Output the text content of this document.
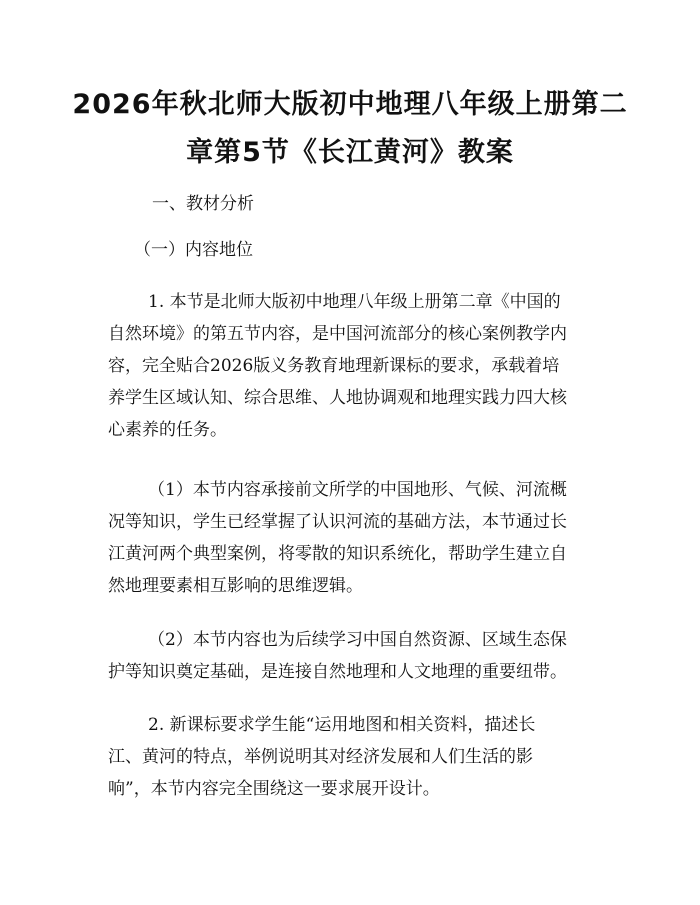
2026年秋北师大版初中地理八年级上册第二
章第5节《长江黄河》教案

一、教材分析

（一）内容地位

1. 本节是北师大版初中地理八年级上册第二章《中国的
自然环境》的第五节内容，是中国河流部分的核心案例教学内
容，完全贴合2026版义务教育地理新课标的要求，承载着培
养学生区域认知、综合思维、人地协调观和地理实践力四大核
心素养的任务。
（1）本节内容承接前文所学的中国地形、气候、河流概
况等知识，学生已经掌握了认识河流的基础方法，本节通过长
江黄河两个典型案例，将零散的知识系统化，帮助学生建立自
然地理要素相互影响的思维逻辑。
（2）本节内容也为后续学习中国自然资源、区域生态保
护等知识奠定基础，是连接自然地理和人文地理的重要纽带。
2. 新课标要求学生能“运用地图和相关资料，描述长
江、黄河的特点，举例说明其对经济发展和人们生活的影
响”，本节内容完全围绕这一要求展开设计。
